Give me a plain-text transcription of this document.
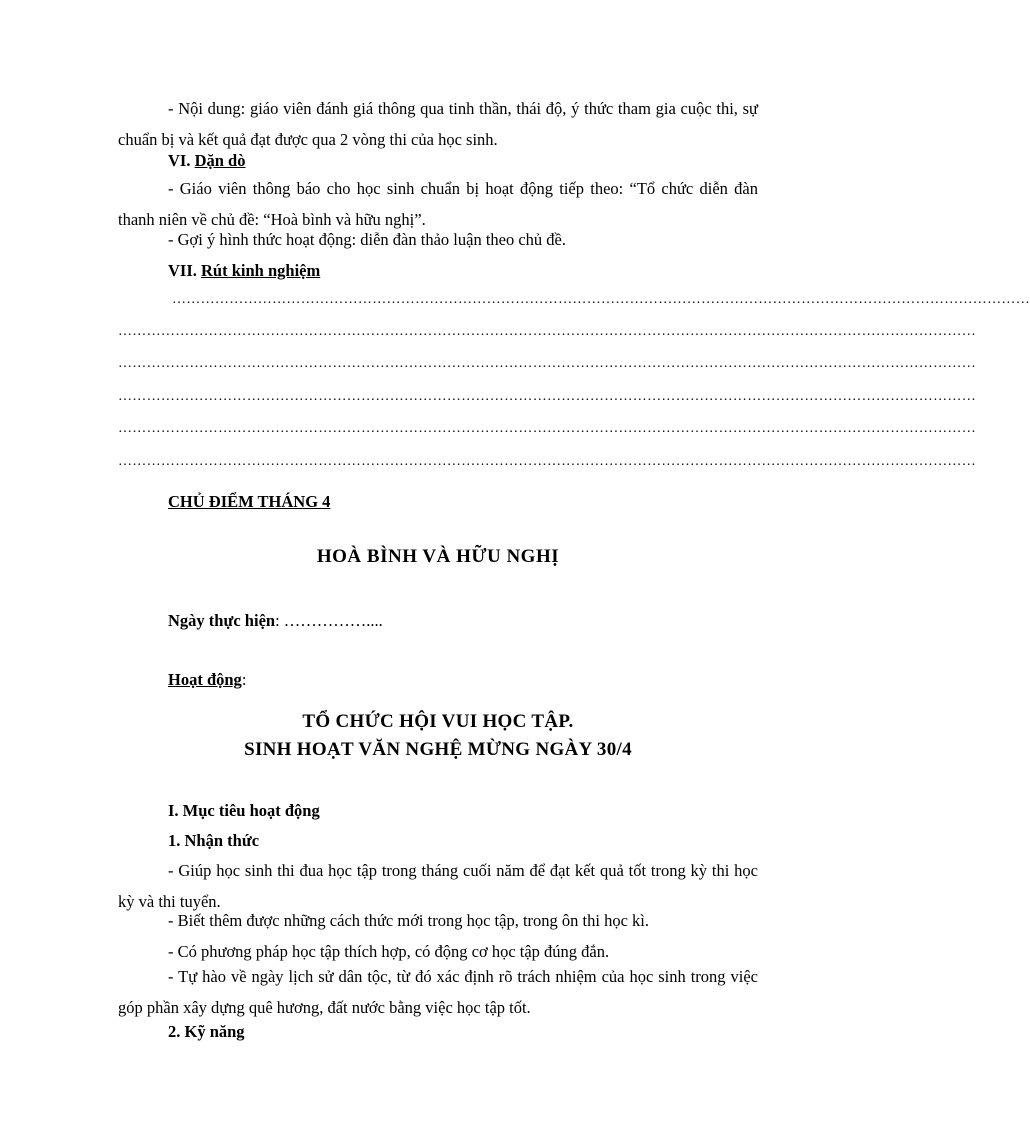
- Nội dung: giáo viên đánh giá thông qua tinh thần, thái độ, ý thức tham gia cuộc thi, sự chuẩn bị và kết quả đạt được qua 2 vòng thi của học sinh.

VI. Dặn dò

- Giáo viên thông báo cho học sinh chuẩn bị hoạt động tiếp theo: “Tổ chức diễn đàn thanh niên về chủ đề: “Hoà bình và hữu nghị”.

- Gợi ý hình thức hoạt động: diễn đàn thảo luận theo chủ đề.

VII. Rút kinh nghiệm

………………………………………………………………………………………………………………………………………………………………
………………………………………………………………………………………………………………………………………………………………
………………………………………………………………………………………………………………………………………………………………
………………………………………………………………………………………………………………………………………………………………
………………………………………………………………………………………………………………………………………………………………
………………………………………………………………………………………………………………………………………………………………

CHỦ ĐIỂM THÁNG 4

HOÀ BÌNH VÀ HỮU NGHỊ

Ngày thực hiện: ……………....

Hoạt động:

TỔ CHỨC HỘI VUI HỌC TẬP.
SINH HOẠT VĂN NGHỆ MỪNG NGÀY 30/4

I. Mục tiêu hoạt động

1. Nhận thức

- Giúp học sinh thi đua học tập trong tháng cuối năm để đạt kết quả tốt trong kỳ thi học kỳ và thi tuyển.

- Biết thêm được những cách thức mới trong học tập, trong ôn thi học kì.

- Có phương pháp học tập thích hợp, có động cơ học tập đúng đắn.

- Tự hào về ngày lịch sử dân tộc, từ đó xác định rõ trách nhiệm của học sinh trong việc góp phần xây dựng quê hương, đất nước bằng việc học tập tốt.

2. Kỹ năng
